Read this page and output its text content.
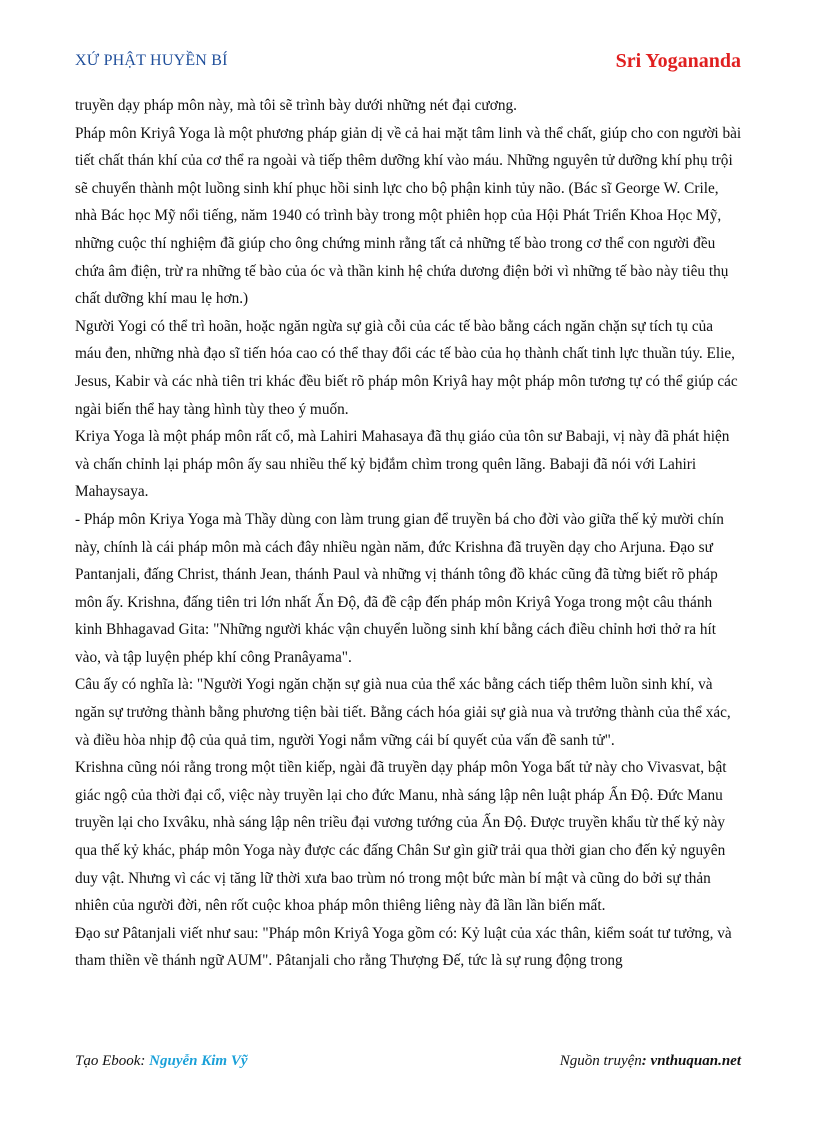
XỨ PHẬT HUYỀN BÍ	Sri Yogananda

truyền dạy pháp môn này, mà tôi sẽ trình bày dưới những nét đại cương.

Pháp môn Kriyâ Yoga là một phương pháp giản dị về cả hai mặt tâm linh và thể chất, giúp cho con người bài tiết chất thán khí của cơ thể ra ngoài và tiếp thêm dưỡng khí vào máu. Những nguyên tử dưỡng khí phụ trội sẽ chuyển thành một luồng sinh khí phục hồi sinh lực cho bộ phận kinh tủy não. (Bác sĩ George W. Crile, nhà Bác học Mỹ nổi tiếng, năm 1940 có trình bày trong một phiên họp của Hội Phát Triển Khoa Học Mỹ, những cuộc thí nghiệm đã giúp cho ông chứng minh rằng tất cả những tế bào trong cơ thể con người đều chứa âm điện, trừ ra những tế bào của óc và thần kinh hệ chứa dương điện bởi vì những tế bào này tiêu thụ chất dưỡng khí mau lẹ hơn.)

Người Yogi có thể trì hoãn, hoặc ngăn ngừa sự già cỗi của các tế bào bằng cách ngăn chặn sự tích tụ của máu đen, những nhà đạo sĩ tiến hóa cao có thể thay đổi các tế bào của họ thành chất tinh lực thuần túy. Elie, Jesus, Kabir và các nhà tiên tri khác đều biết rõ pháp môn Kriyâ hay một pháp môn tương tự có thể giúp các ngài biến thể hay tàng hình tùy theo ý muốn.

Kriya Yoga là một pháp môn rất cổ, mà Lahiri Mahasaya đã thụ giáo của tôn sư Babaji, vị này đã phát hiện và chấn chỉnh lại pháp môn ấy sau nhiều thế kỷ bịđắm chìm trong quên lãng. Babaji đã nói với Lahiri Mahaysaya.

- Pháp môn Kriya Yoga mà Thầy dùng con làm trung gian để truyền bá cho đời vào giữa thế kỷ mười chín này, chính là cái pháp môn mà cách đây nhiều ngàn năm, đức Krishna đã truyền dạy cho Arjuna. Đạo sư Pantanjali, đấng Christ, thánh Jean, thánh Paul và những vị thánh tông đồ khác cũng đã từng biết rõ pháp môn ấy. Krishna, đấng tiên tri lớn nhất Ấn Độ, đã đề cập đến pháp môn Kriyâ Yoga trong một câu thánh kinh Bhhagavad Gita: "Những người khác vận chuyển luồng sinh khí bằng cách điều chỉnh hơi thở ra hít vào, và tập luyện phép khí công Pranâyama".

Câu ấy có nghĩa là: "Người Yogi ngăn chặn sự già nua của thể xác bằng cách tiếp thêm luồn sinh khí, và ngăn sự trưởng thành bằng phương tiện bài tiết. Bằng cách hóa giải sự già nua và trưởng thành của thể xác, và điều hòa nhịp độ của quả tim, người Yogi nắm vững cái bí quyết của vấn đề sanh tử".

Krishna cũng nói rằng trong một tiền kiếp, ngài đã truyền dạy pháp môn Yoga bất tử này cho Vivasvat, bật giác ngộ của thời đại cổ, việc này truyền lại cho đức Manu, nhà sáng lập nên luật pháp Ấn Độ. Đức Manu truyền lại cho Ixvâku, nhà sáng lập nên triều đại vương tướng của Ấn Độ. Được truyền khẩu từ thế kỷ này qua thế kỷ khác, pháp môn Yoga này được các đấng Chân Sư gìn giữ trải qua thời gian cho đến kỷ nguyên duy vật. Nhưng vì các vị tăng lữ thời xưa bao trùm nó trong một bức màn bí mật và cũng do bởi sự thản nhiên của người đời, nên rốt cuộc khoa pháp môn thiêng liêng này đã lần lần biến mất.

Đạo sư Pâtanjali viết như sau: "Pháp môn Kriyâ Yoga gồm có: Kỷ luật của xác thân, kiểm soát tư tưởng, và tham thiền về thánh ngữ AUM". Pâtanjali cho rằng Thượng Đế, tức là sự rung động trong

Tạo Ebook: Nguyễn Kim Vỹ	Nguồn truyện: vnthuquan.net
